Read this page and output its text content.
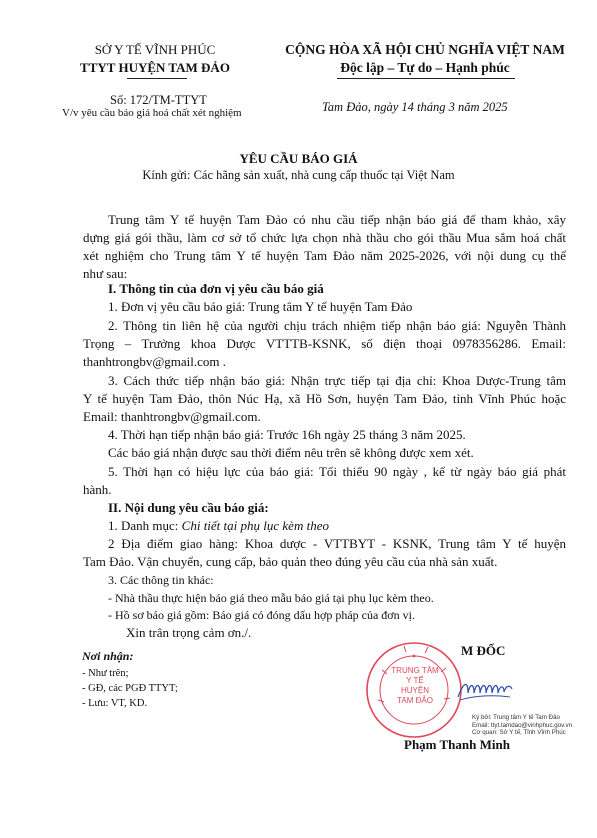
SỞ Y TẾ VĨNH PHÚC
TTYT HUYỆN TAM ĐẢO
CỘNG HÒA XÃ HỘI CHỦ NGHĨA VIỆT NAM
Độc lập – Tự do – Hạnh phúc
Số: 172/TM-TTYT
V/v yêu cầu báo giá hoá chất xét nghiệm	Tam Đảo, ngày 14 tháng 3 năm 2025
YÊU CẦU BÁO GIÁ
Kính gửi: Các hãng sản xuất, nhà cung cấp thuốc tại Việt Nam
Trung tâm Y tế huyện Tam Đảo có nhu cầu tiếp nhận báo giá để tham khảo, xây
dựng giá gói thầu, làm cơ sở tổ chức lựa chọn nhà thầu cho gói thầu Mua sắm hoá chất
xét nghiệm cho Trung tâm Y tế huyện Tam Đảo năm 2025-2026, với nội dung cụ thể
như sau:
I. Thông tin của đơn vị yêu cầu báo giá
1. Đơn vị yêu cầu báo giá: Trung tâm Y tế huyện Tam Đảo
2. Thông tin liên hệ của người chịu trách nhiệm tiếp nhận báo giá: Nguyễn Thành
Trọng – Trưởng khoa Dược VTTTB-KSNK, số điện thoại 0978356286. Email:
thanhtrongbv@gmail.com .
3. Cách thức tiếp nhận báo giá: Nhận trực tiếp tại địa chỉ: Khoa Dược-Trung tâm
Y tế huyện Tam Đảo, thôn Núc Hạ, xã Hồ Sơn, huyện Tam Đảo, tỉnh Vĩnh Phúc hoặc
Email: thanhtrongbv@gmail.com.
4. Thời hạn tiếp nhận báo giá: Trước 16h ngày 25 tháng 3 năm 2025.
Các báo giá nhận được sau thời điểm nêu trên sẽ không được xem xét.
5. Thời hạn có hiệu lực của báo giá: Tối thiểu 90 ngày , kể từ ngày báo giá phát
hành.
II. Nội dung yêu cầu báo giá:
1. Danh mục: Chi tiết tại phụ lục kèm theo
2 Địa điểm giao hàng: Khoa dược - VTTBYT - KSNK, Trung tâm Y tế huyện
Tam Đảo. Vận chuyển, cung cấp, bảo quản theo đúng yêu cầu của nhà sản xuất.
3. Các thông tin khác:
- Nhà thầu thực hiện báo giá theo mẫu báo giá tại phụ lục kèm theo.
- Hồ sơ báo giá gồm: Báo giá có đóng dấu hợp pháp của đơn vị.
Xin trân trọng cảm ơn./.
Nơi nhận:
- Như trên;
- GĐ, các PGĐ TTYT;
- Lưu: VT, KD.
M ĐỐC
TRUNG TÂM
Y TẾ
HUYỆN
TAM ĐẢO
Ký bởi: Trung tâm Y tế Tam Đảo
Email: ttyt.tamdao@vinhphuc.gov.vn
Cơ quan: Sở Y tế, Tỉnh Vĩnh Phúc
Phạm Thanh Minh
